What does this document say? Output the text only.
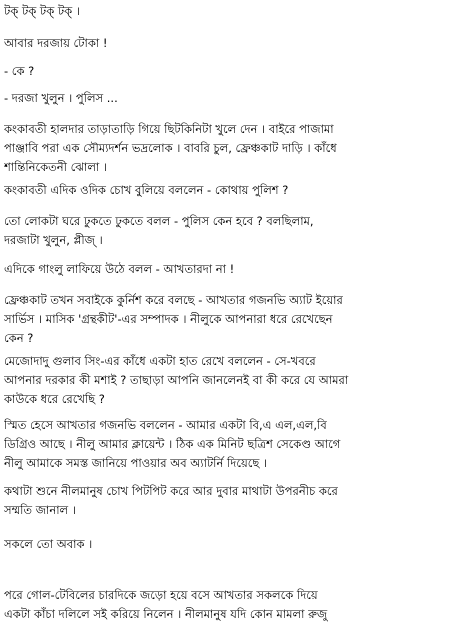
টক্‌ টক্‌ টক্‌ টক্‌ ।

আবার দরজায় টোকা !

- কে ?

- দরজা খুলুন । পুলিস ...

কংকাবতী হালদার তাড়াতাড়ি গিয়ে ছিটকিনিটা খুলে দেন । বাইরে পাজামা
পাঞ্জাবি পরা এক সৌম্যদর্শন ভদ্রলোক । বাবরি চুল, ফ্রেঞ্চকাট দাড়ি । কাঁধে
শান্তিনিকেতনী ঝোলা ।

কংকাবতী এদিক ওদিক চোখ বুলিয়ে বললেন - কোথায় পুলিশ ?

তো লোকটা ঘরে ঢুকতে ঢুকতে বলল - পুলিস কেন হবে ? বলছিলাম,
দরজাটা খুলুন, প্লীজ্‌ ।

এদিকে গাংলু লাফিয়ে উঠে বলল - আখতারদা না !

ফ্রেঞ্চকাট তখন সবাইকে কুর্নিশ করে বলছে - আখতার গজনভি অ্যাট ইয়োর
সার্ভিস । মাসিক 'গ্রন্থকীট'-এর সম্পাদক । নীলুকে আপনারা ধরে রেখেছেন
কেন ?

মেজোদাদু গুলাব সিং-এর কাঁধে একটা হাত রেখে বললেন - সে-খবরে
আপনার দরকার কী মশাই ? তাছাড়া আপনি জানলেনই বা কী করে যে আমরা
কাউকে ধরে রেখেছি ?

স্মিত হেসে আখতার গজনভি বললেন - আমার একটা বি,এ এল,এল,বি
ডিগ্রিও আছে । নীলু আমার ক্লায়েন্ট । ঠিক এক মিনিট ছত্রিশ সেকেণ্ড আগে
নীলু আমাকে সমস্ত জানিয়ে পাওয়ার অব অ্যাটর্নি দিয়েছে ।

কথাটা শুনে নীলমানুষ চোখ পিটপিট করে আর দুবার মাথাটা উপরনীচ করে
সম্মতি জানাল ।

সকলে তো অবাক ।

পরে গোল-টেবিলের চারদিকে জড়ো হয়ে বসে আখতার সকলকে দিয়ে
একটা কাঁচা দলিলে সই করিয়ে নিলেন । নীলমানুষ যদি কোন মামলা রুজু
